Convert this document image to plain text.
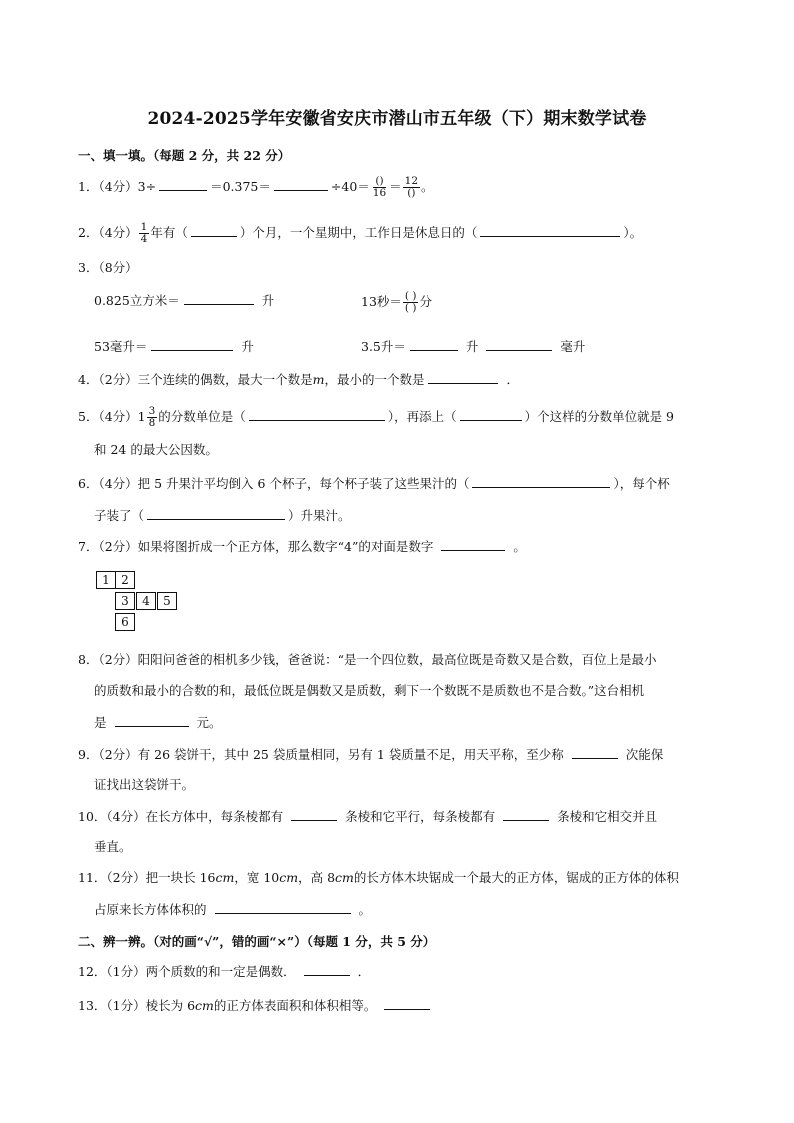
2024-2025学年安徽省安庆市潜山市五年级（下）期末数学试卷
一、填一填。（每题 2 分，共 22 分）
1．（4分）3÷	＝0.375＝	$\div 40= \frac{()}{16} = \frac{12}{()}$ 。
2．（4分） $\frac{1}{4}$ 年有（	）个月，一个星期中，工作日是休息日的（	）。
3．（8分）
0.825立方米＝	升	13秒＝ $\frac{( )}{( )}$ 分
53毫升＝	升	3.5升＝	升	毫升
4．（2分）三个连续的偶数，最大一个数是m，最小的一个数是	．
5．（4分）$1 \frac{3}{8}$ 的分数单位是（	），再添上（	）个这样的分数单位就是 9
和 24 的最大公因数。
6．（4分）把 5 升果汁平均倒入 6 个杯子，每个杯子装了这些果汁的（	），每个杯
子装了（	）升果汁。
7．（2分）如果将图折成一个正方体，那么数字“4”的对面是数字	。
1 2
3	4	5
6
8．（2分）阳阳问爸爸的相机多少钱，爸爸说：“是一个四位数，最高位既是奇数又是合数，百位上是最小
的质数和最小的合数的和，最低位既是偶数又是质数，剩下一个数既不是质数也不是合数。”这台相机
是	元。
9．（2分）有 26 袋饼干，其中 25 袋质量相同，另有 1 袋质量不足，用天平称，至少称	次能保
证找出这袋饼干。
10．（4分）在长方体中，每条棱都有	条棱和它平行，每条棱都有	条棱和它相交并且
垂直。
11．（2分）把一块长 16cm，宽 10cm，高 8cm的长方体木块锯成一个最大的正方体，锯成的正方体的体积
占原来长方体体积的	。
二、辨一辨。（对的画“√”，错的画“×”）（每题 1 分，共 5 分）
12．（1分）两个质数的和一定是偶数．	．
13．（1分）棱长为 6cm的正方体表面积和体积相等。
